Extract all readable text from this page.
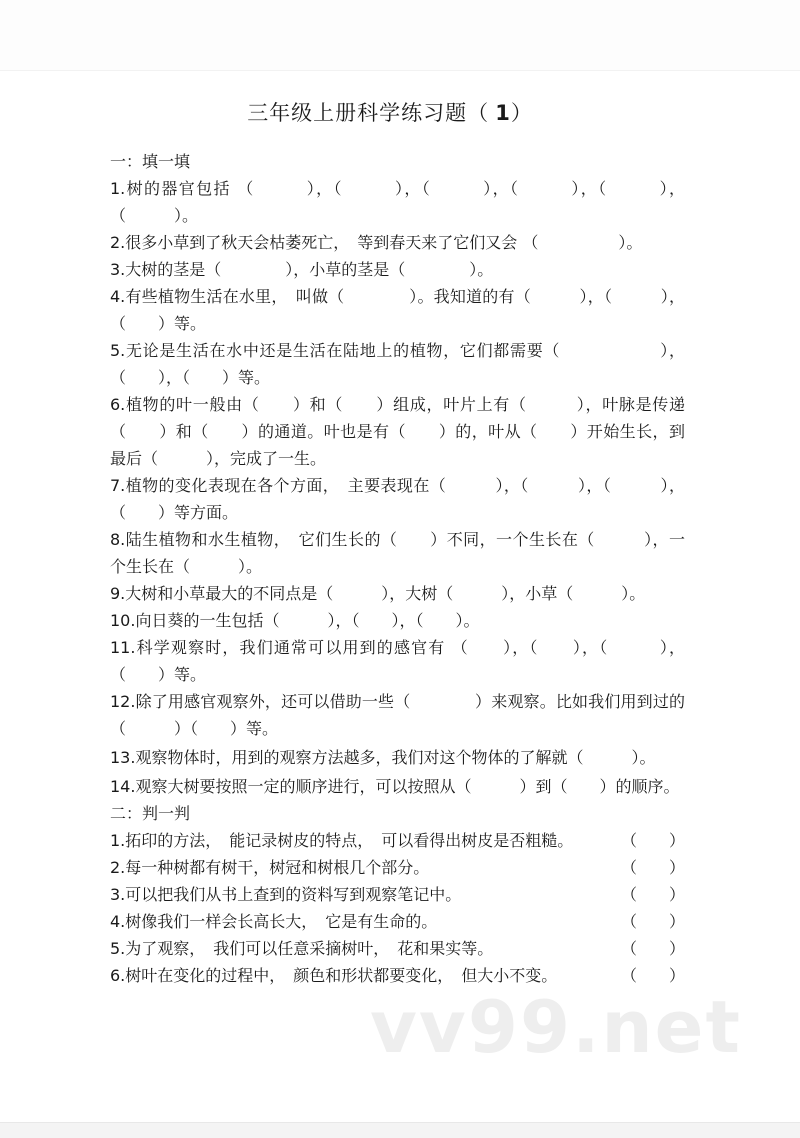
三年级上册科学练习题（ 1）
一：填一填

1.树的器官包括 （　　　），（　　　），（　　　），（　　　），（　　　），（　　　）。

2.很多小草到了秋天会枯萎死亡，　等到春天来了它们又会 （　　　　　）。

3.大树的茎是（　　　　），小草的茎是（　　　　）。

4.有些植物生活在水里，　叫做（　　　　）。我知道的有（　　　），（　　　），（　　）等。

5.无论是生活在水中还是生活在陆地上的植物，它们都需要（　　　　　　），（　　），（　　）等。

6.植物的叶一般由（　　）和（　　）组成，叶片上有（　　　），叶脉是传递（　　）和（　　）的通道。叶也是有（　　）的，叶从（　　）开始生长，到最后（　　　），完成了一生。

7.植物的变化表现在各个方面，　主要表现在（　　　），（　　　），（　　　），（　　）等方面。

8.陆生植物和水生植物，　它们生长的（　　）不同，一个生长在（　　　），一个生长在（　　　）。

9.大树和小草最大的不同点是（　　　），大树（　　　），小草（　　　）。

10.向日葵的一生包括（　　　），（　　），（　　）。

11.科学观察时，我们通常可以用到的感官有 （　　），（　　），（　　　），（　　）等。

12.除了用感官观察外，还可以借助一些（　　　　）来观察。比如我们用到过的（　　　）（　　）等。

13.观察物体时，用到的观察方法越多，我们对这个物体的了解就（　　　）。

14.观察大树要按照一定的顺序进行，可以按照从（　　　）到（　　）的顺序。

二：判一判
1.拓印的方法，　能记录树皮的特点，　可以看得出树皮是否粗糙。	（　　）
2.每一种树都有树干，树冠和树根几个部分。	（　　）
3.可以把我们从书上查到的资料写到观察笔记中。	（　　）
4.树像我们一样会长高长大，　它是有生命的。	（　　）
5.为了观察，　我们可以任意采摘树叶，　花和果实等。	（　　）
6.树叶在变化的过程中，　颜色和形状都要变化，　但大小不变。	（　　）
vv99.net
